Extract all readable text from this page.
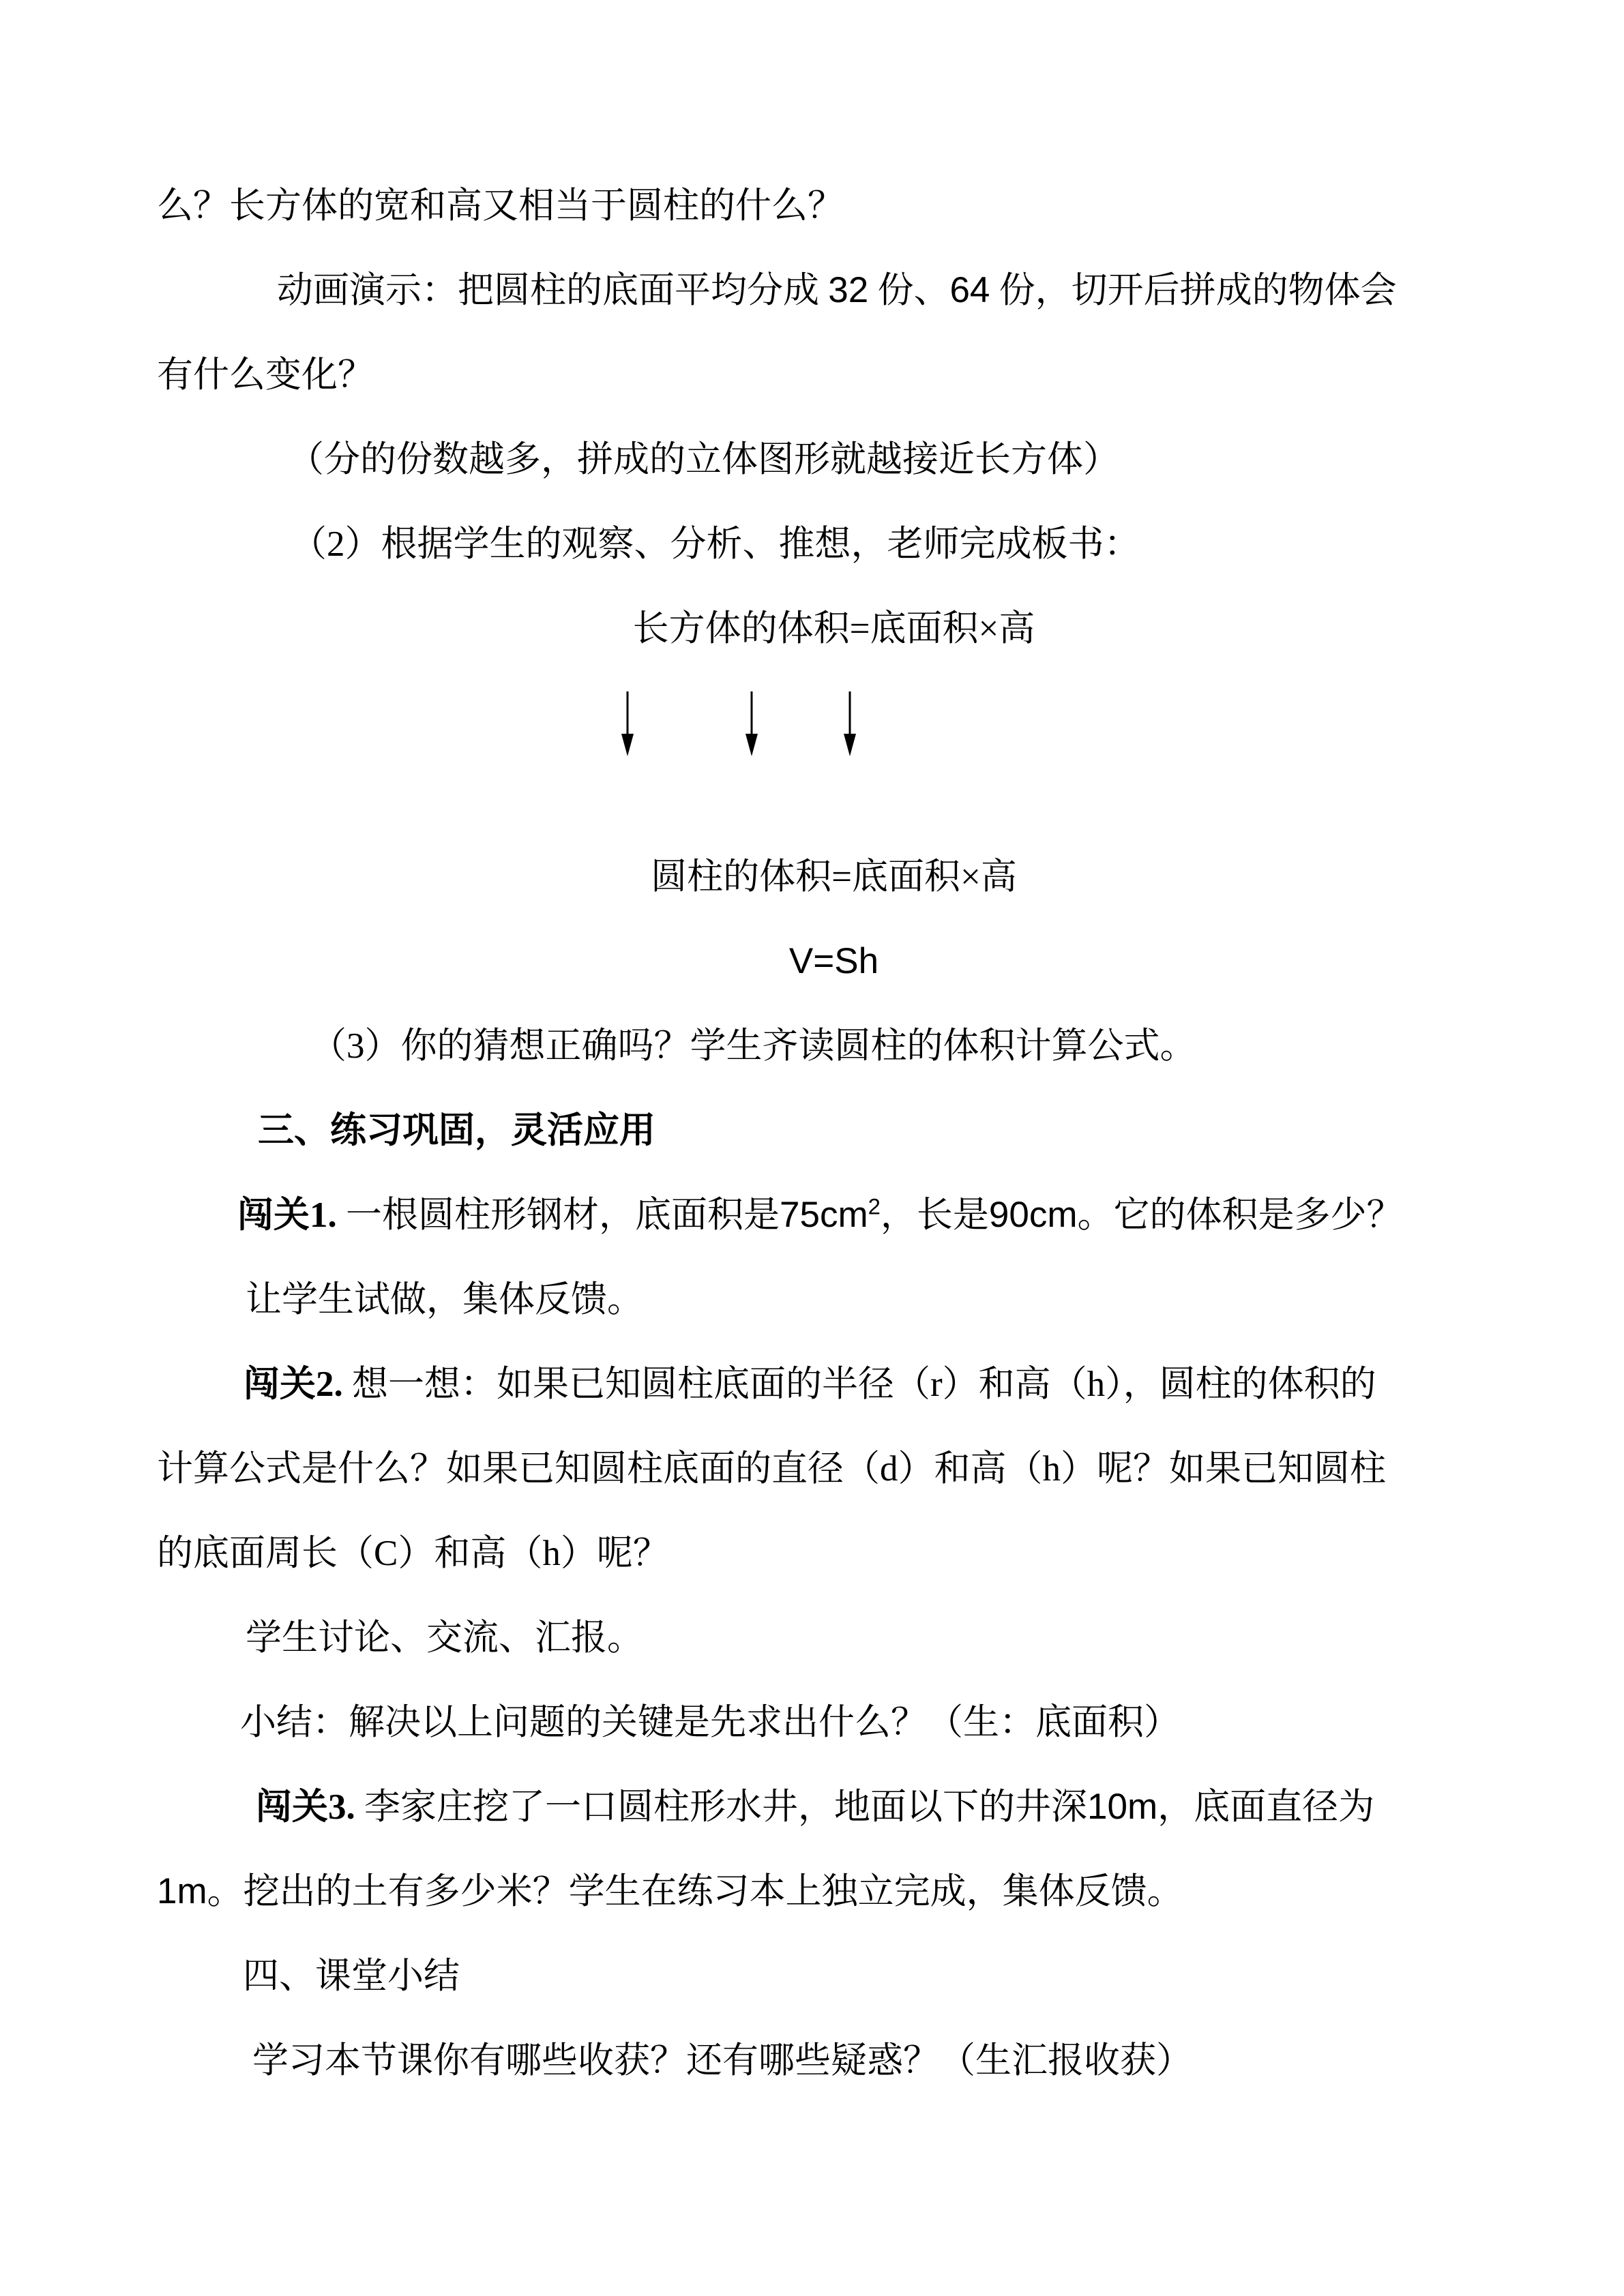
么？长方体的宽和高又相当于圆柱的什么？

动画演示：把圆柱的底面平均分成 32 份、64 份，切开后拼成的物体会

有什么变化？

（分的份数越多，拼成的立体图形就越接近长方体）

（2）根据学生的观察、分析、推想，老师完成板书：

长方体的体积=底面积×高

圆柱的体积=底面积×高

V=Sh

（3）你的猜想正确吗？学生齐读圆柱的体积计算公式。

三、练习巩固，灵活应用

闯关1. 一根圆柱形钢材，底面积是$75cm^2$，长是90cm。它的体积是多少？

让学生试做，集体反馈。

闯关2. 想一想：如果已知圆柱底面的半径（r）和高（h），圆柱的体积的

计算公式是什么？如果已知圆柱底面的直径（d）和高（h）呢？如果已知圆柱

的底面周长（C）和高（h）呢？

学生讨论、交流、汇报。

小结：解决以上问题的关键是先求出什么？（生：底面积）

闯关3. 李家庄挖了一口圆柱形水井，地面以下的井深10m，底面直径为

1m。挖出的土有多少米？学生在练习本上独立完成，集体反馈。

四、课堂小结

学习本节课你有哪些收获？还有哪些疑惑？（生汇报收获）
